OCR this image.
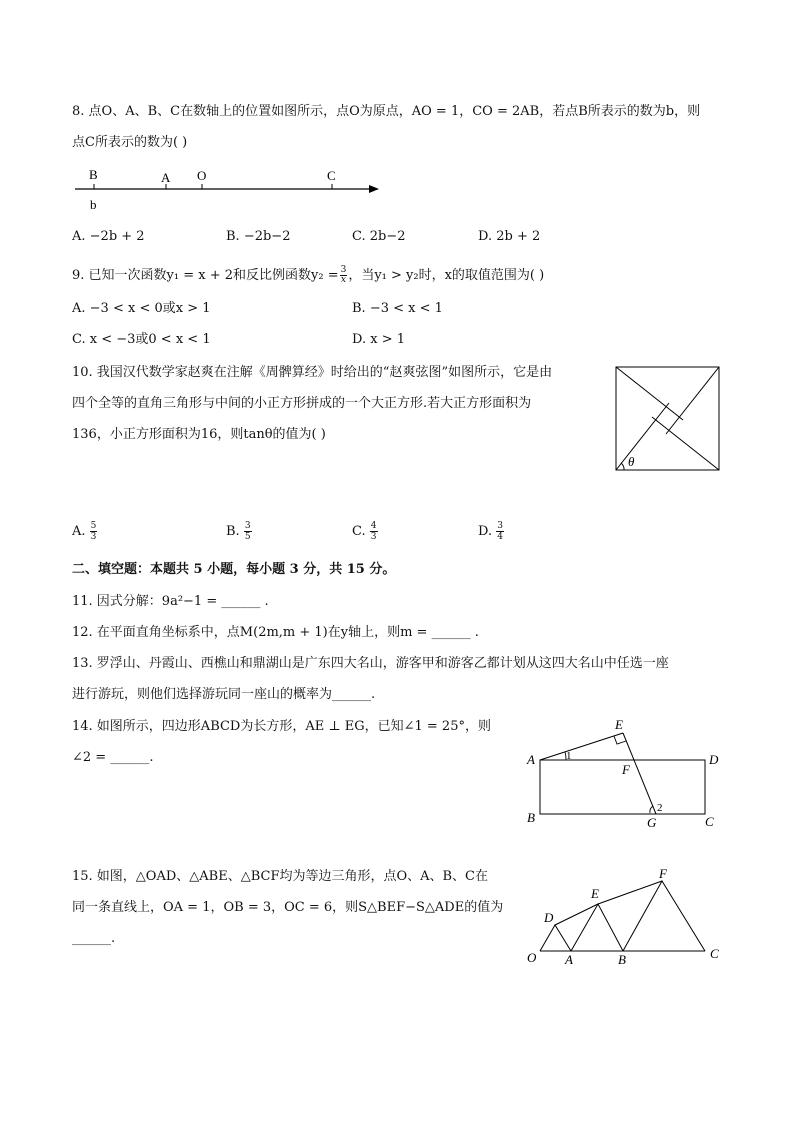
8. 点O、A、B、C在数轴上的位置如图所示，点O为原点，AO = 1，CO = 2AB，若点B所表示的数为b，则
点C所表示的数为( )
B	A O	C
b
A. −2b + 2	B. −2b−2	C. 2b−2	D. 2b + 2
9. 已知一次函数y₁ = x + 2和反比例函数$y_2 = \frac{3}{x}$ ，当y₁ > y₂时，x的取值范围为( )
A. −3 < x < 0或x > 1	B. −3 < x < 1
C. x < −3或0 < x < 1	D. x > 1
10. 我国汉代数学家赵爽在注解《周髀算经》时给出的“赵爽弦图”如图所示，它是由
四个全等的直角三角形与中间的小正方形拼成的一个大正方形.若大正方形面积为
136，小正方形面积为16，则tanθ的值为( )
θ
A. $\frac{5}{3}$	B. $\frac{3}{5}$	C. $\frac{4}{3}$	D. $\frac{3}{4}$
二、填空题：本题共 5 小题，每小题 3 分，共 15 分。
11. 因式分解：9a²−1 = ______ .
12. 在平面直角坐标系中，点M(2m,m + 1)在y轴上，则m = ______ .
13. 罗浮山、丹霞山、西樵山和鼎湖山是广东四大名山，游客甲和游客乙都计划从这四大名山中任选一座
进行游玩，则他们选择游玩同一座山的概率为______.
14. 如图所示，四边形ABCD为长方形，AE ⊥ EG，已知∠1 = 25°，则
∠2 = ______.
E
A	D
F
B	G	C
1
2
15. 如图，△OAD、△ABE、△BCF均为等边三角形，点O、A、B、C在
同一条直线上，OA = 1，OB = 3，OC = 6，则S△BEF−S△ADE的值为
______.
O A	B	C
D
E
F
